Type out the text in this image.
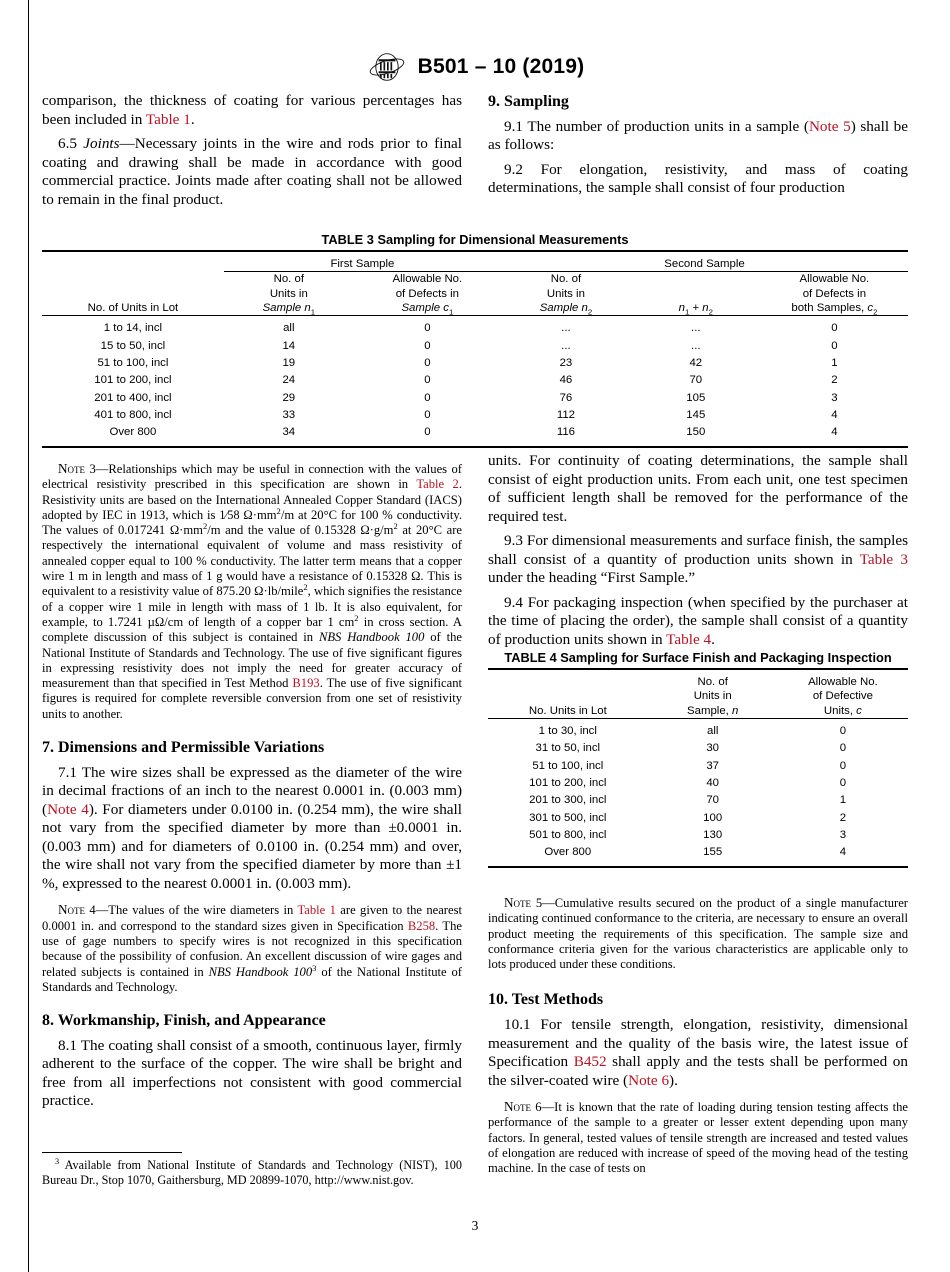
B501 – 10 (2019)

comparison, the thickness of coating for various percentages has been included in Table 1.

6.5 Joints—Necessary joints in the wire and rods prior to final coating and drawing shall be made in accordance with good commercial practice. Joints made after coating shall not be allowed to remain in the final product.

9. Sampling

9.1 The number of production units in a sample (Note 5) shall be as follows:

9.2 For elongation, resistivity, and mass of coating determinations, the sample shall consist of four production

TABLE 3 Sampling for Dimensional Measurements

	First Sample		Second Sample		
No. of Units in Lot	No. of
Units in
Sample $n_1$	Allowable No.
of Defects in
Sample $c_1$	No. of
Units in
Sample $n_2$	$n_1 + n_2$	Allowable No.
of Defects in
both Samples, $c_2$

1 to 14, incl	all	0	...	...	0
15 to 50, incl	14	0	...	...	0
51 to 100, incl	19	0	23	42	1
101 to 200, incl	24	0	46	70	2
201 to 400, incl	29	0	76	105	3
401 to 800, incl	33	0	112	145	4
Over 800	34	0	116	150	4

Note 3—Relationships which may be useful in connection with the values of electrical resistivity prescribed in this specification are shown in Table 2. Resistivity units are based on the International Annealed Copper Standard (IACS) adopted by IEC in 1913, which is 1⁄58 $\Omega\cdot mm^2/m$ at 20°C for 100 % conductivity. The values of 0.017241 $\Omega\cdot mm^2/m$ and the value of 0.15328 $\Omega\cdot g/m^2$ at 20°C are respectively the international equivalent of volume and mass resistivity of annealed copper equal to 100 % conductivity. The latter term means that a copper wire 1 m in length and mass of 1 g would have a resistance of 0.15328 Ω. This is equivalent to a resistivity value of 875.20 Ω·lb/mile$^2$, which signifies the resistance of a copper wire 1 mile in length with mass of 1 lb. It is also equivalent, for example, to 1.7241 µΩ/cm of length of a copper bar 1 $cm^2$ in cross section. A complete discussion of this subject is contained in NBS Handbook 100 of the National Institute of Standards and Technology. The use of five significant figures in expressing resistivity does not imply the need for greater accuracy of measurement than that specified in Test Method B193. The use of five significant figures is required for complete reversible conversion from one set of resistivity units to another.

7. Dimensions and Permissible Variations

7.1 The wire sizes shall be expressed as the diameter of the wire in decimal fractions of an inch to the nearest 0.0001 in. (0.003 mm) (Note 4). For diameters under 0.0100 in. (0.254 mm), the wire shall not vary from the specified diameter by more than ±0.0001 in. (0.003 mm) and for diameters of 0.0100 in. (0.254 mm) and over, the wire shall not vary from the specified diameter by more than ±1 %, expressed to the nearest 0.0001 in. (0.003 mm).

Note 4—The values of the wire diameters in Table 1 are given to the nearest 0.0001 in. and correspond to the standard sizes given in Specification B258. The use of gage numbers to specify wires is not recognized in this specification because of the possibility of confusion. An excellent discussion of wire gages and related subjects is contained in NBS Handbook $100^3$ of the National Institute of Standards and Technology.

8. Workmanship, Finish, and Appearance

8.1 The coating shall consist of a smooth, continuous layer, firmly adherent to the surface of the copper. The wire shall be bright and free from all imperfections not consistent with good commercial practice.

units. For continuity of coating determinations, the sample shall consist of eight production units. From each unit, one test specimen of sufficient length shall be removed for the performance of the required test.

9.3 For dimensional measurements and surface finish, the samples shall consist of a quantity of production units shown in Table 3 under the heading “First Sample.”

9.4 For packaging inspection (when specified by the purchaser at the time of placing the order), the sample shall consist of a quantity of production units shown in Table 4.

TABLE 4 Sampling for Surface Finish and Packaging Inspection

No. Units in Lot	No. of
Units in
Sample, n	Allowable No.
of Defective
Units, c

1 to 30, incl	all	0
31 to 50, incl	30	0
51 to 100, incl	37	0
101 to 200, incl	40	0
201 to 300, incl	70	1
301 to 500, incl	100	2
501 to 800, incl	130	3
Over 800	155	4

Note 5—Cumulative results secured on the product of a single manufacturer indicating continued conformance to the criteria, are necessary to ensure an overall product meeting the requirements of this specification. The sample size and conformance criteria given for the various characteristics are applicable only to lots produced under these conditions.

10. Test Methods

10.1 For tensile strength, elongation, resistivity, dimensional measurement and the quality of the basis wire, the latest issue of Specification B452 shall apply and the tests shall be performed on the silver-coated wire (Note 6).

Note 6—It is known that the rate of loading during tension testing affects the performance of the sample to a greater or lesser extent depending upon many factors. In general, tested values of tensile strength are increased and tested values of elongation are reduced with increase of speed of the moving head of the testing machine. In the case of tests on

$^3$ Available from National Institute of Standards and Technology (NIST), 100 Bureau Dr., Stop 1070, Gaithersburg, MD 20899-1070, http://www.nist.gov.
3
